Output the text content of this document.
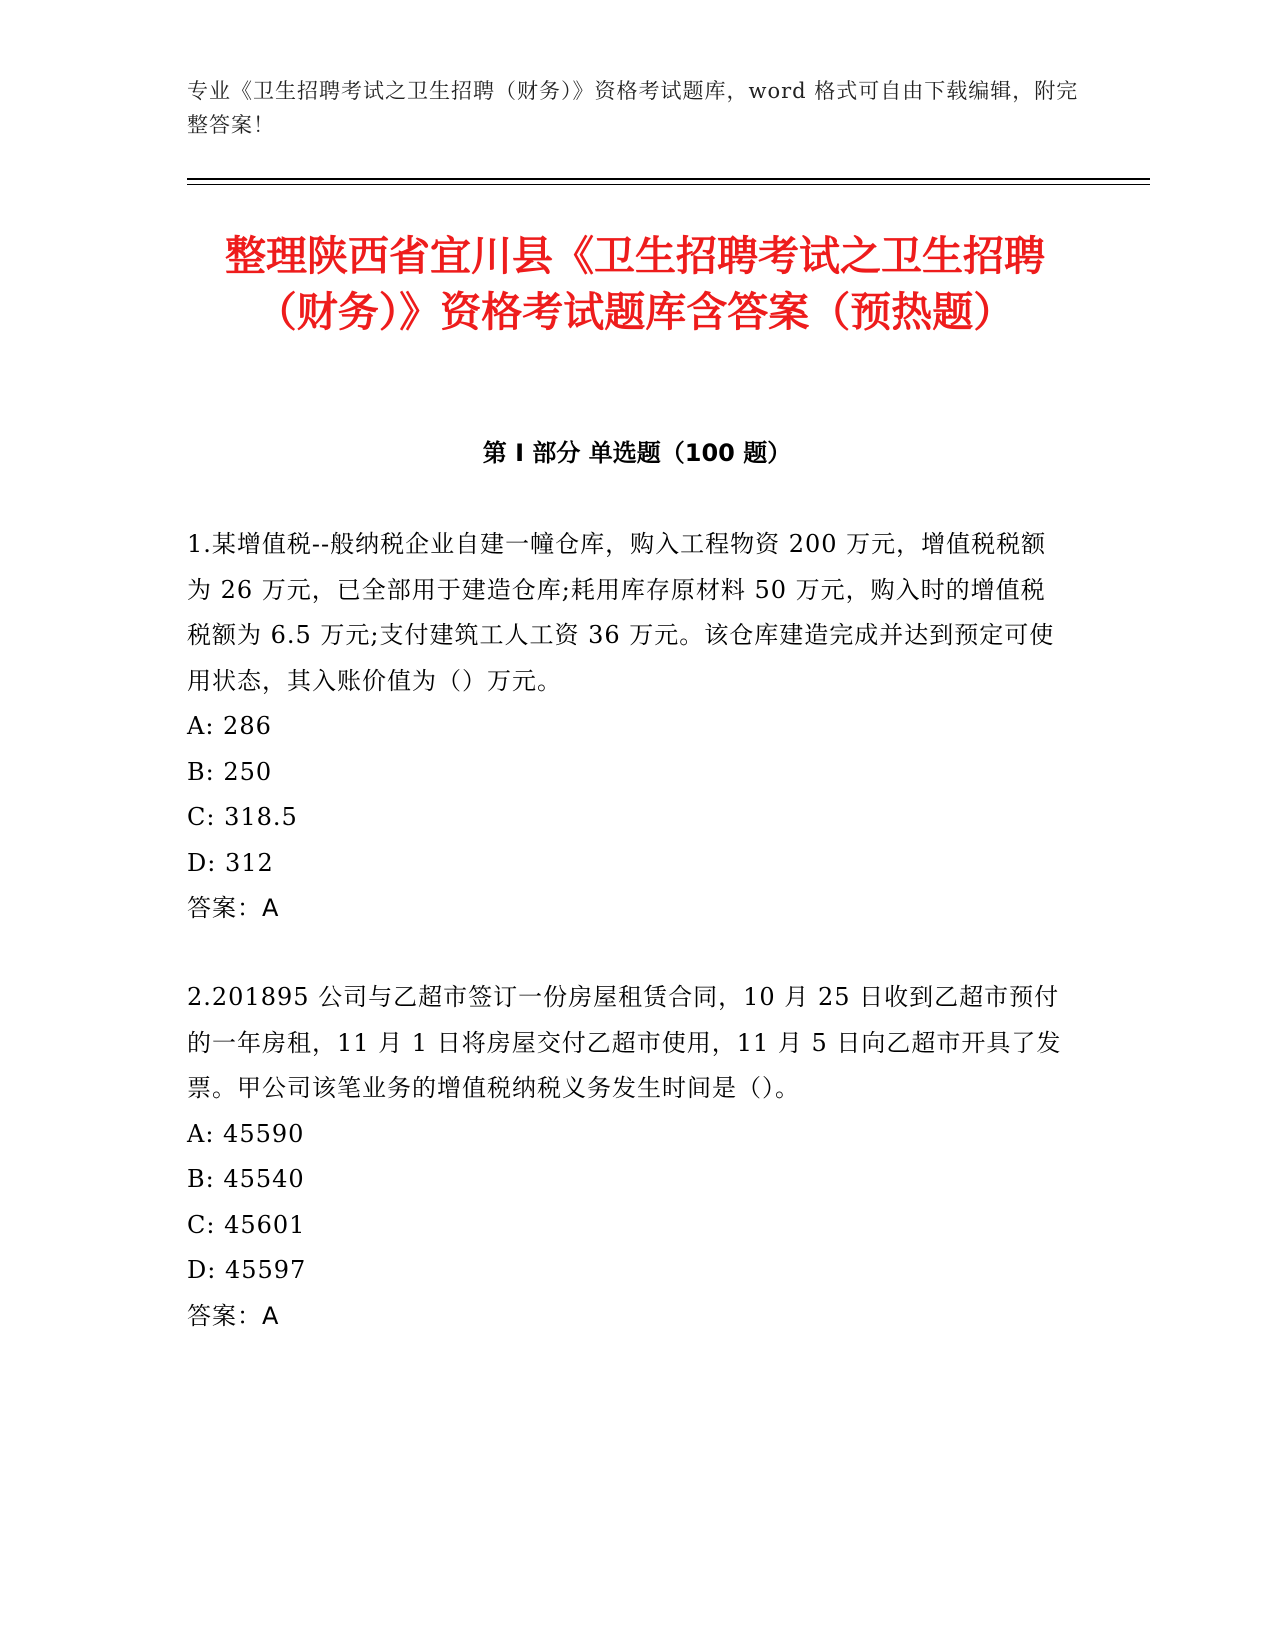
专业《卫生招聘考试之卫生招聘（财务）》资格考试题库，word 格式可自由下载编辑，附完整答案！
整理陕西省宜川县《卫生招聘考试之卫生招聘（财务）》资格考试题库含答案（预热题）
第 I 部分 单选题（100 题）

1.某增值税--般纳税企业自建一幢仓库，购入工程物资 200 万元，增值税税额为 26 万元，已全部用于建造仓库;耗用库存原材料 50 万元，购入时的增值税税额为 6.5 万元;支付建筑工人工资 36 万元。该仓库建造完成并达到预定可使用状态，其入账价值为（）万元。

A: 286

B: 250

C: 318.5

D: 312

答案：A

2.201895 公司与乙超市签订一份房屋租赁合同，10 月 25 日收到乙超市预付的一年房租，11 月 1 日将房屋交付乙超市使用，11 月 5 日向乙超市开具了发票。甲公司该笔业务的增值税纳税义务发生时间是（）。

A: 45590

B: 45540

C: 45601

D: 45597

答案：A
